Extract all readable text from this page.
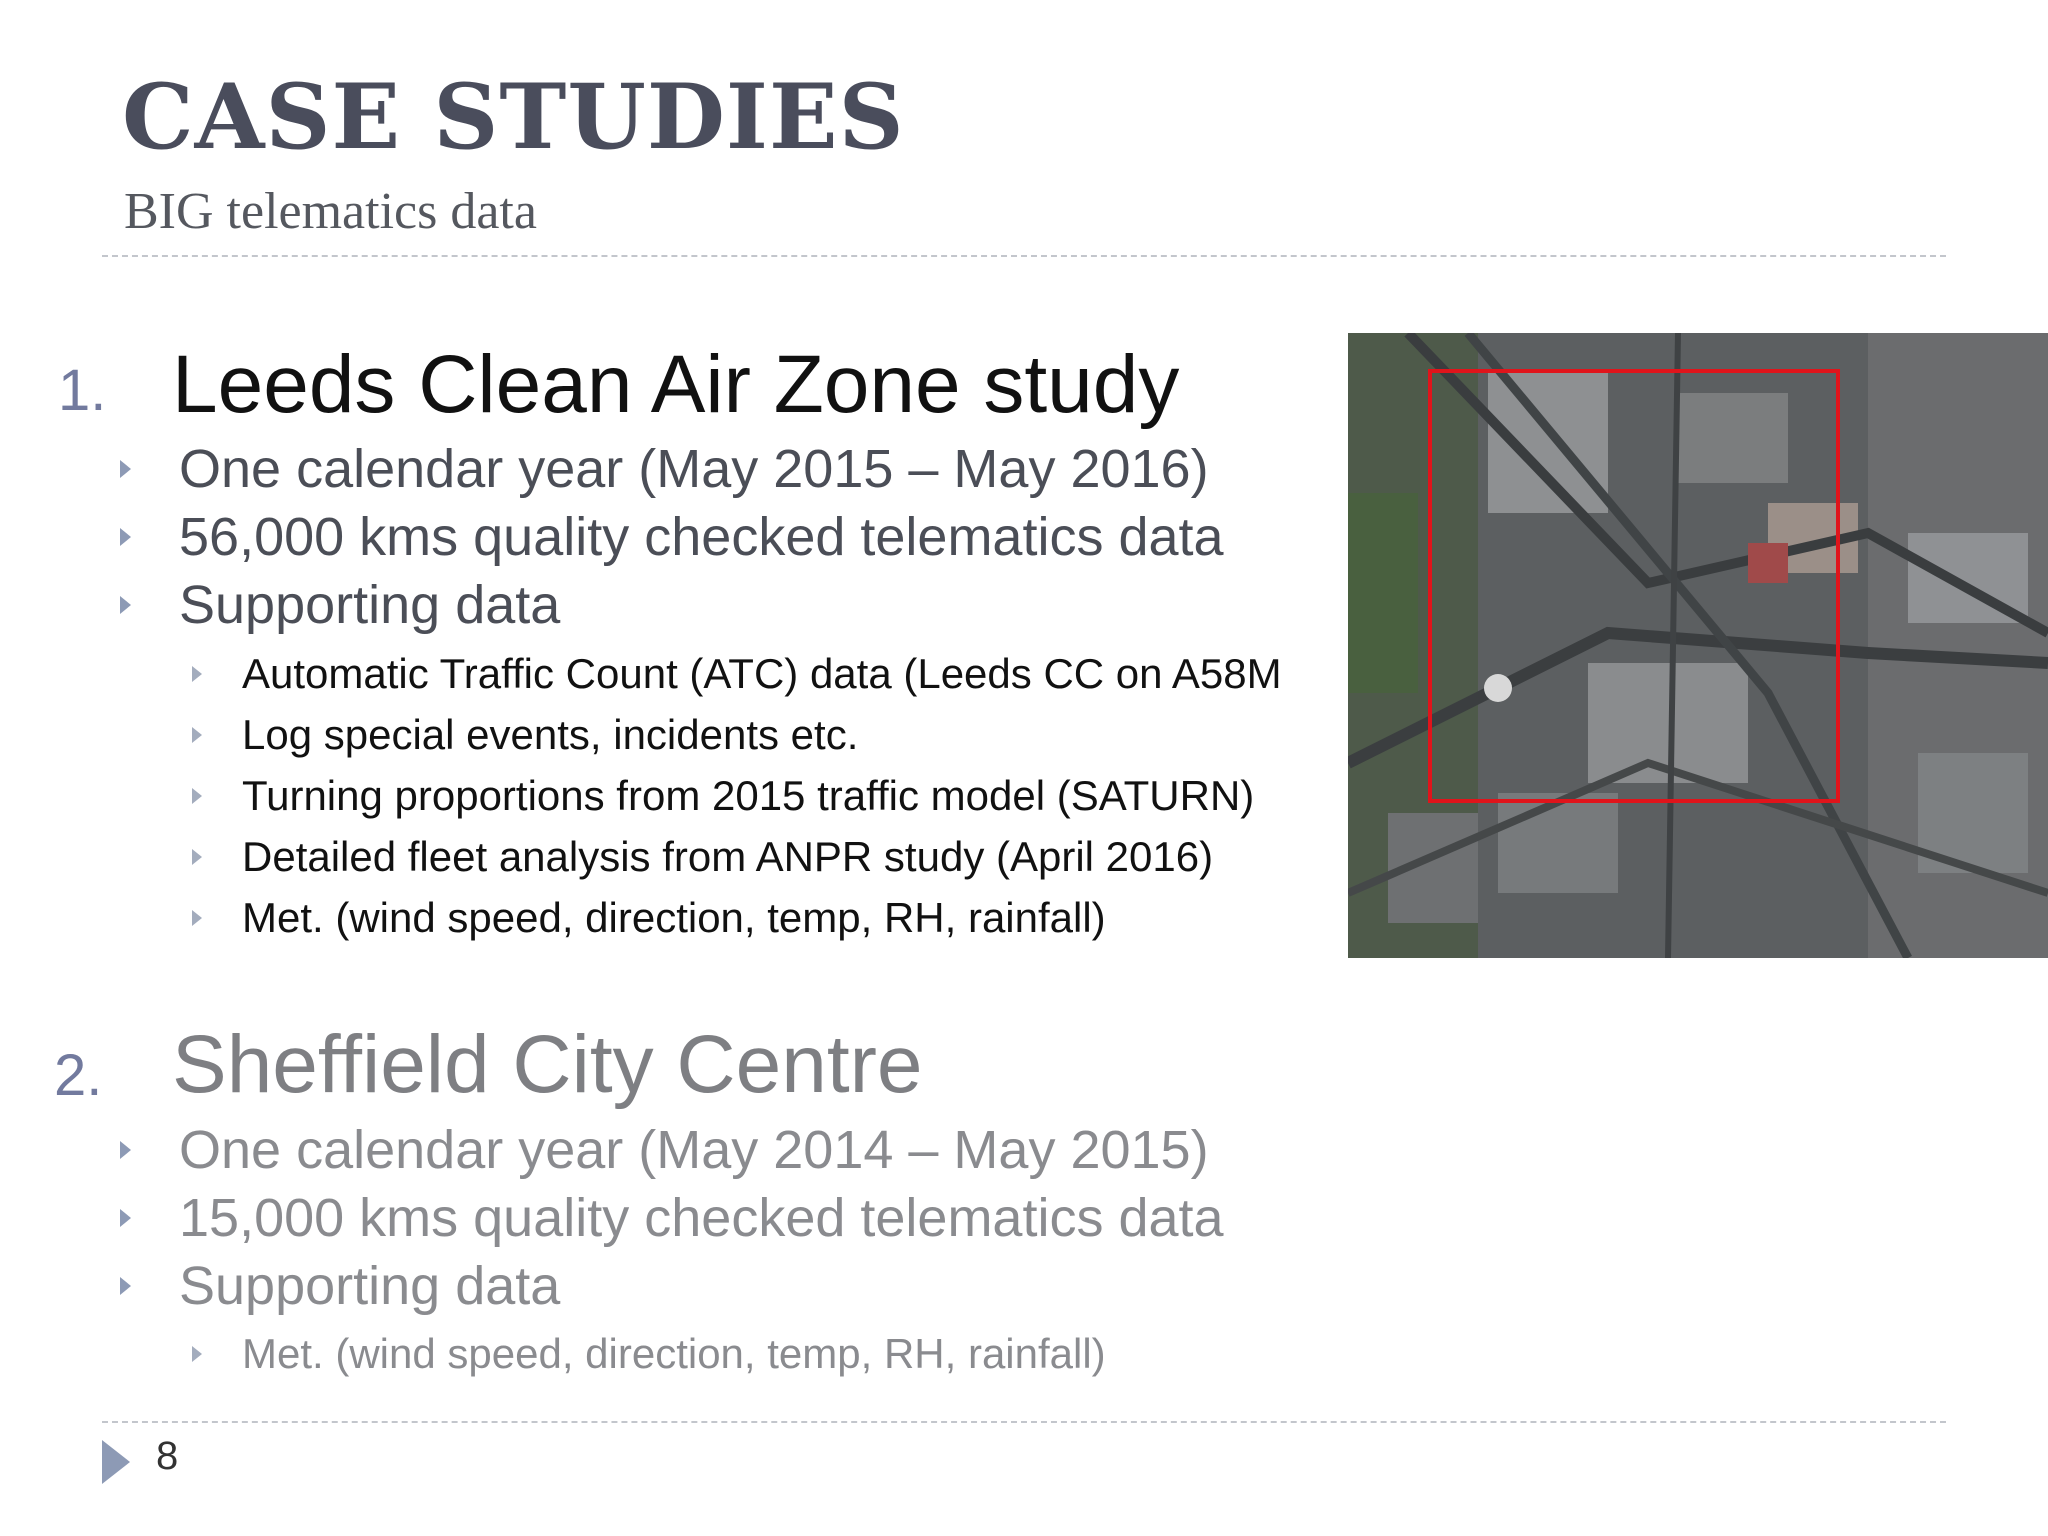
CASE STUDIES
BIG telematics data
1. Leeds Clean Air Zone study
One calendar year (May 2015 – May 2016)
56,000 kms quality checked telematics data
Supporting data
Automatic Traffic Count (ATC) data (Leeds CC on A58M
Log special events, incidents etc.
Turning proportions from 2015 traffic model (SATURN)
Detailed fleet analysis from ANPR study (April 2016)
Met. (wind speed, direction, temp, RH, rainfall)
2. Sheffield City Centre
One calendar year (May 2014 – May 2015)
15,000 kms quality checked telematics data
Supporting data
Met. (wind speed, direction, temp, RH, rainfall)
8
